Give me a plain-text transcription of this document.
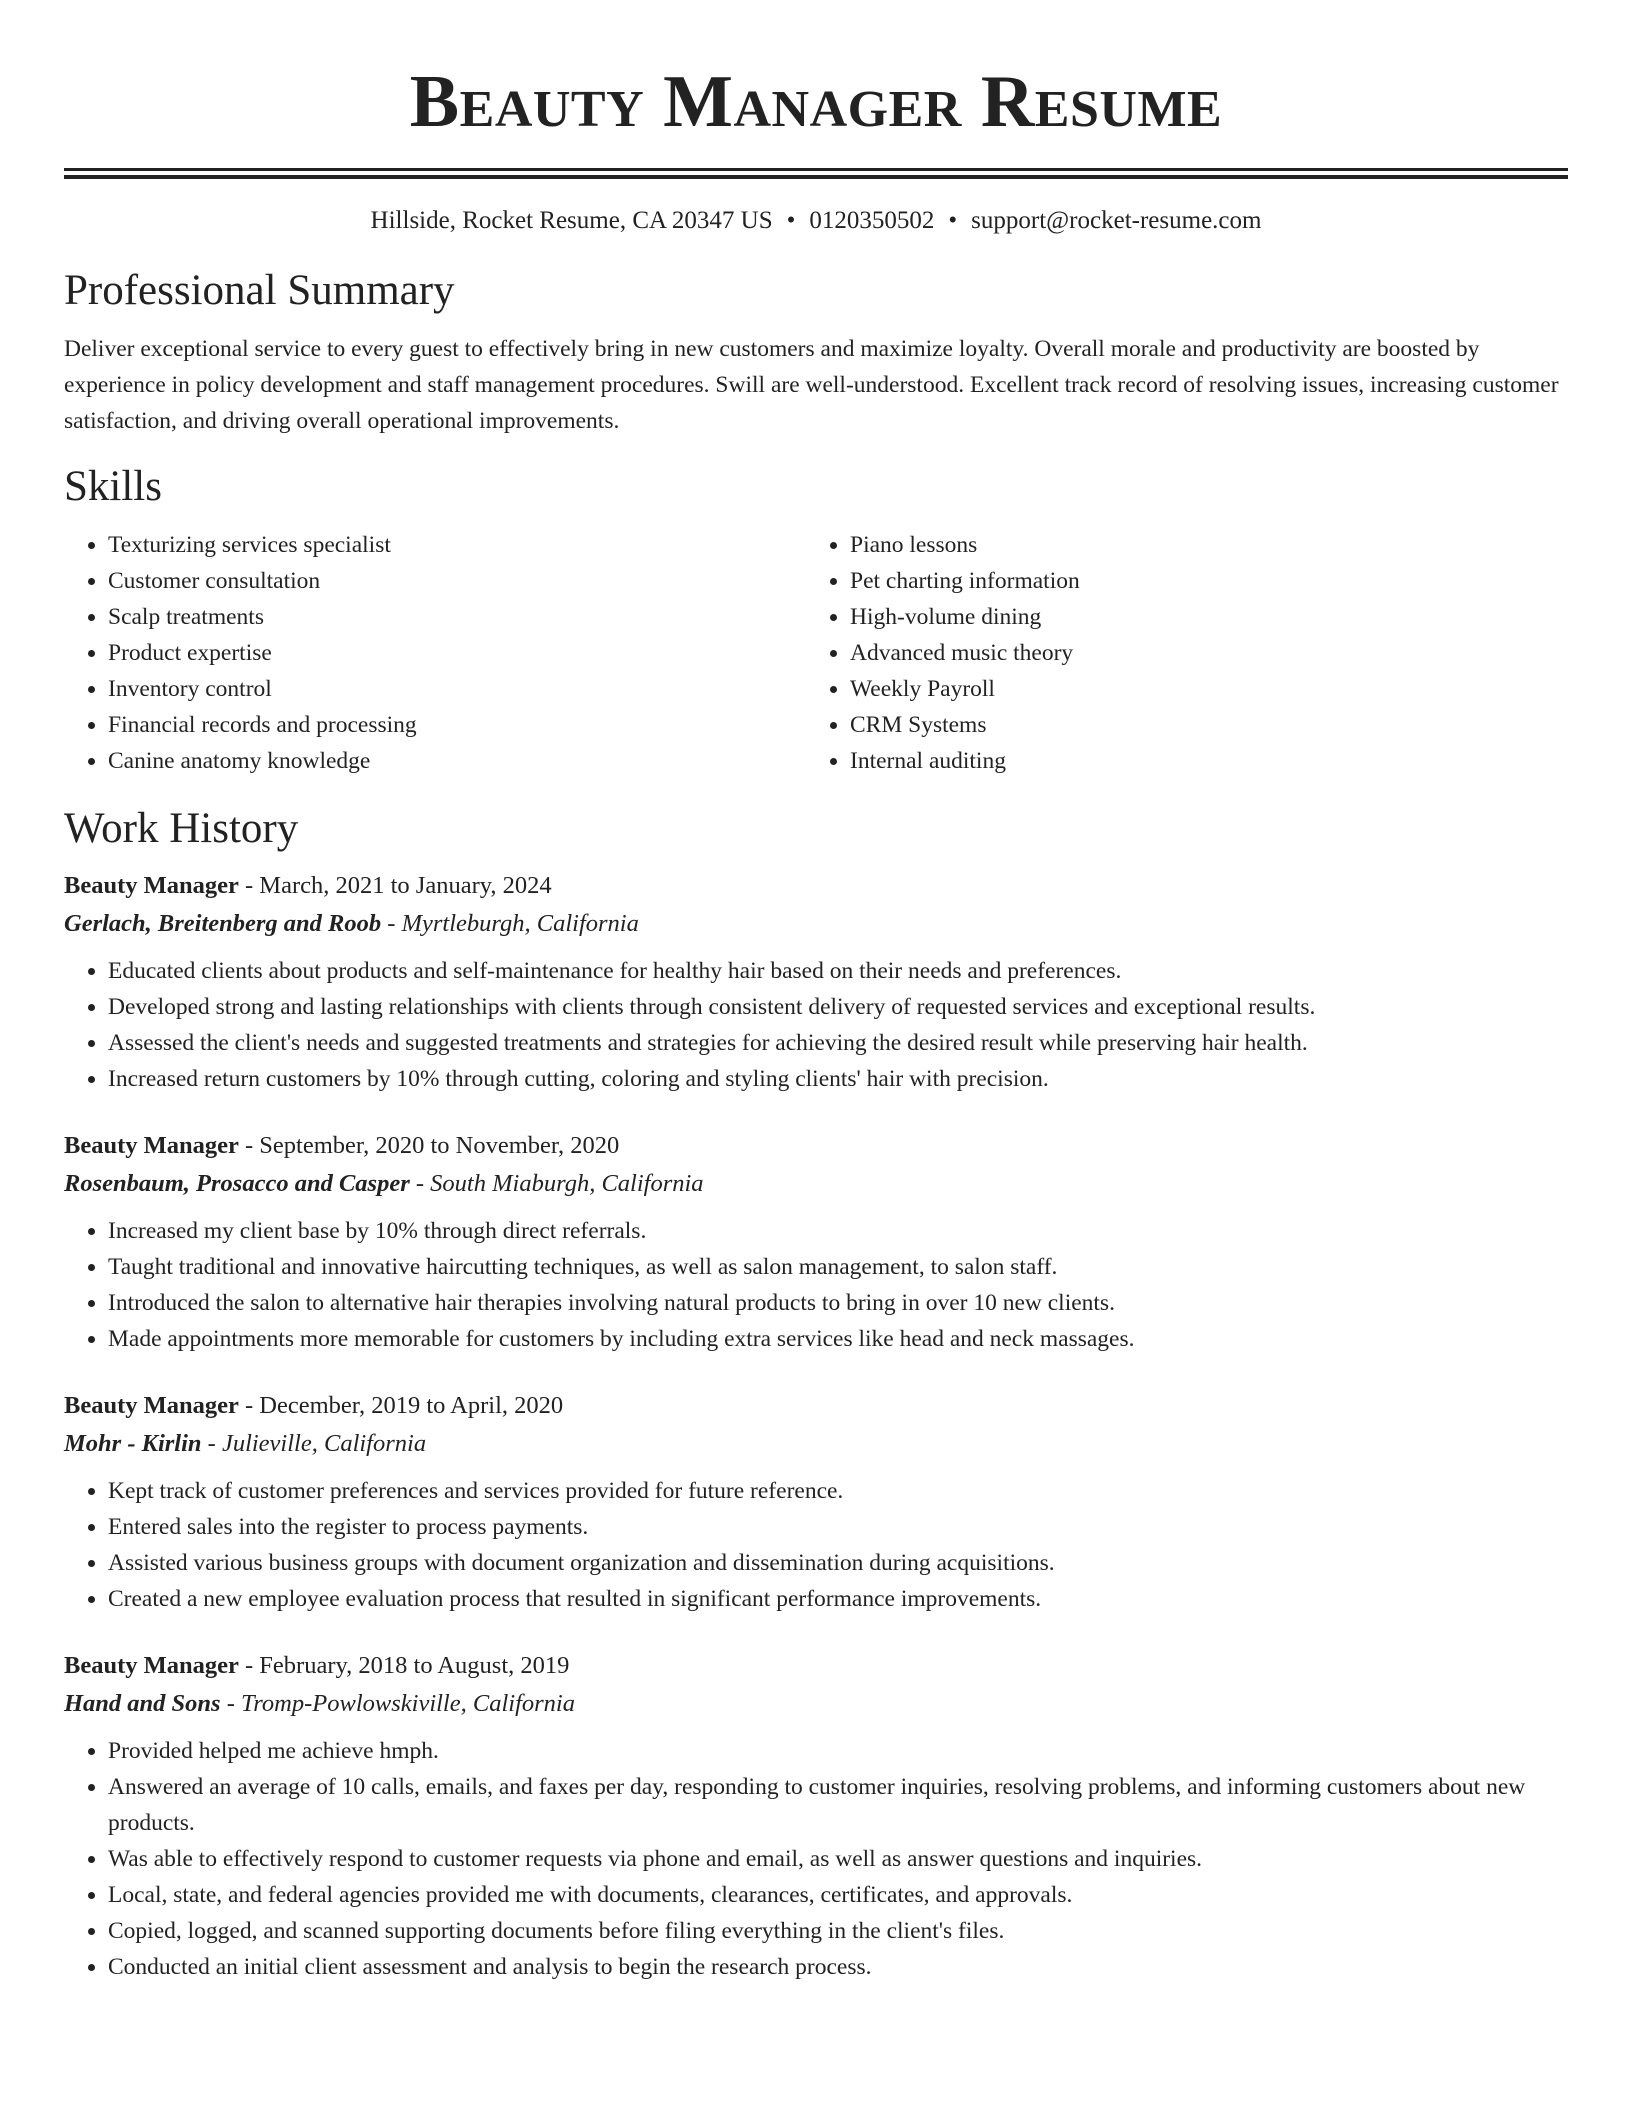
Beauty Manager Resume
Hillside, Rocket Resume, CA 20347 US • 0120350502 • support@rocket-resume.com
Professional Summary

Deliver exceptional service to every guest to effectively bring in new customers and maximize loyalty. Overall morale and productivity are boosted by experience in policy development and staff management procedures. Swill are well-understood. Excellent track record of resolving issues, increasing customer satisfaction, and driving overall operational improvements.

Skills
• Texturizing services specialist
• Customer consultation
• Scalp treatments
• Product expertise
• Inventory control
• Financial records and processing
• Canine anatomy knowledge
• Piano lessons
• Pet charting information
• High-volume dining
• Advanced music theory
• Weekly Payroll
• CRM Systems
• Internal auditing
Work History
Beauty Manager - March, 2021 to January, 2024
Gerlach, Breitenberg and Roob - Myrtleburgh, California
• Educated clients about products and self-maintenance for healthy hair based on their needs and preferences.
• Developed strong and lasting relationships with clients through consistent delivery of requested services and exceptional results.
• Assessed the client's needs and suggested treatments and strategies for achieving the desired result while preserving hair health.
• Increased return customers by 10% through cutting, coloring and styling clients' hair with precision.
Beauty Manager - September, 2020 to November, 2020
Rosenbaum, Prosacco and Casper - South Miaburgh, California
• Increased my client base by 10% through direct referrals.
• Taught traditional and innovative haircutting techniques, as well as salon management, to salon staff.
• Introduced the salon to alternative hair therapies involving natural products to bring in over 10 new clients.
• Made appointments more memorable for customers by including extra services like head and neck massages.
Beauty Manager - December, 2019 to April, 2020
Mohr - Kirlin - Julieville, California
• Kept track of customer preferences and services provided for future reference.
• Entered sales into the register to process payments.
• Assisted various business groups with document organization and dissemination during acquisitions.
• Created a new employee evaluation process that resulted in significant performance improvements.
Beauty Manager - February, 2018 to August, 2019
Hand and Sons - Tromp-Powlowskiville, California
• Provided helped me achieve hmph.
• Answered an average of 10 calls, emails, and faxes per day, responding to customer inquiries, resolving problems, and informing customers about new products.
• Was able to effectively respond to customer requests via phone and email, as well as answer questions and inquiries.
• Local, state, and federal agencies provided me with documents, clearances, certificates, and approvals.
• Copied, logged, and scanned supporting documents before filing everything in the client's files.
• Conducted an initial client assessment and analysis to begin the research process.
